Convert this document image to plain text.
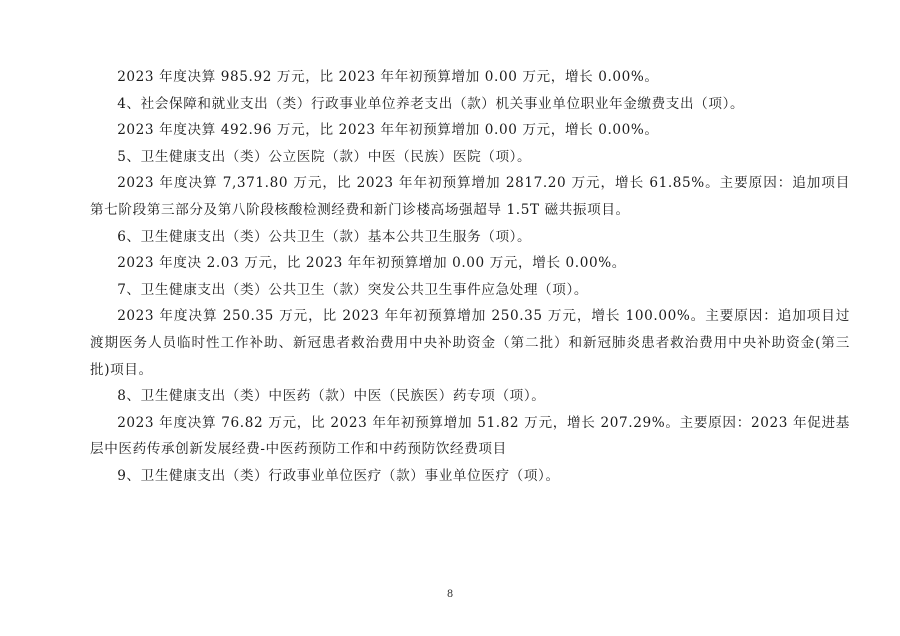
2023 年度决算 985.92 万元，比 2023 年年初预算增加 0.00 万元，增长 0.00%。

4、社会保障和就业支出（类）行政事业单位养老支出（款）机关事业单位职业年金缴费支出（项）。

2023 年度决算 492.96 万元，比 2023 年年初预算增加 0.00 万元，增长 0.00%。

5、卫生健康支出（类）公立医院（款）中医（民族）医院（项）。

2023 年度决算 7,371.80 万元，比 2023 年年初预算增加 2817.20 万元，增长 61.85%。主要原因：追加项目第七阶段第三部分及第八阶段核酸检测经费和新门诊楼高场强超导 1.5T 磁共振项目。

6、卫生健康支出（类）公共卫生（款）基本公共卫生服务（项）。

2023 年度决 2.03 万元，比 2023 年年初预算增加 0.00 万元，增长 0.00%。

7、卫生健康支出（类）公共卫生（款）突发公共卫生事件应急处理（项）。

2023 年度决算 250.35 万元，比 2023 年年初预算增加 250.35 万元，增长 100.00%。主要原因：追加项目过渡期医务人员临时性工作补助、新冠患者救治费用中央补助资金（第二批）和新冠肺炎患者救治费用中央补助资金(第三批)项目。

8、卫生健康支出（类）中医药（款）中医（民族医）药专项（项）。

2023 年度决算 76.82 万元，比 2023 年年初预算增加 51.82 万元，增长 207.29%。主要原因：2023 年促进基层中医药传承创新发展经费-中医药预防工作和中药预防饮经费项目

9、卫生健康支出（类）行政事业单位医疗（款）事业单位医疗（项）。

8
